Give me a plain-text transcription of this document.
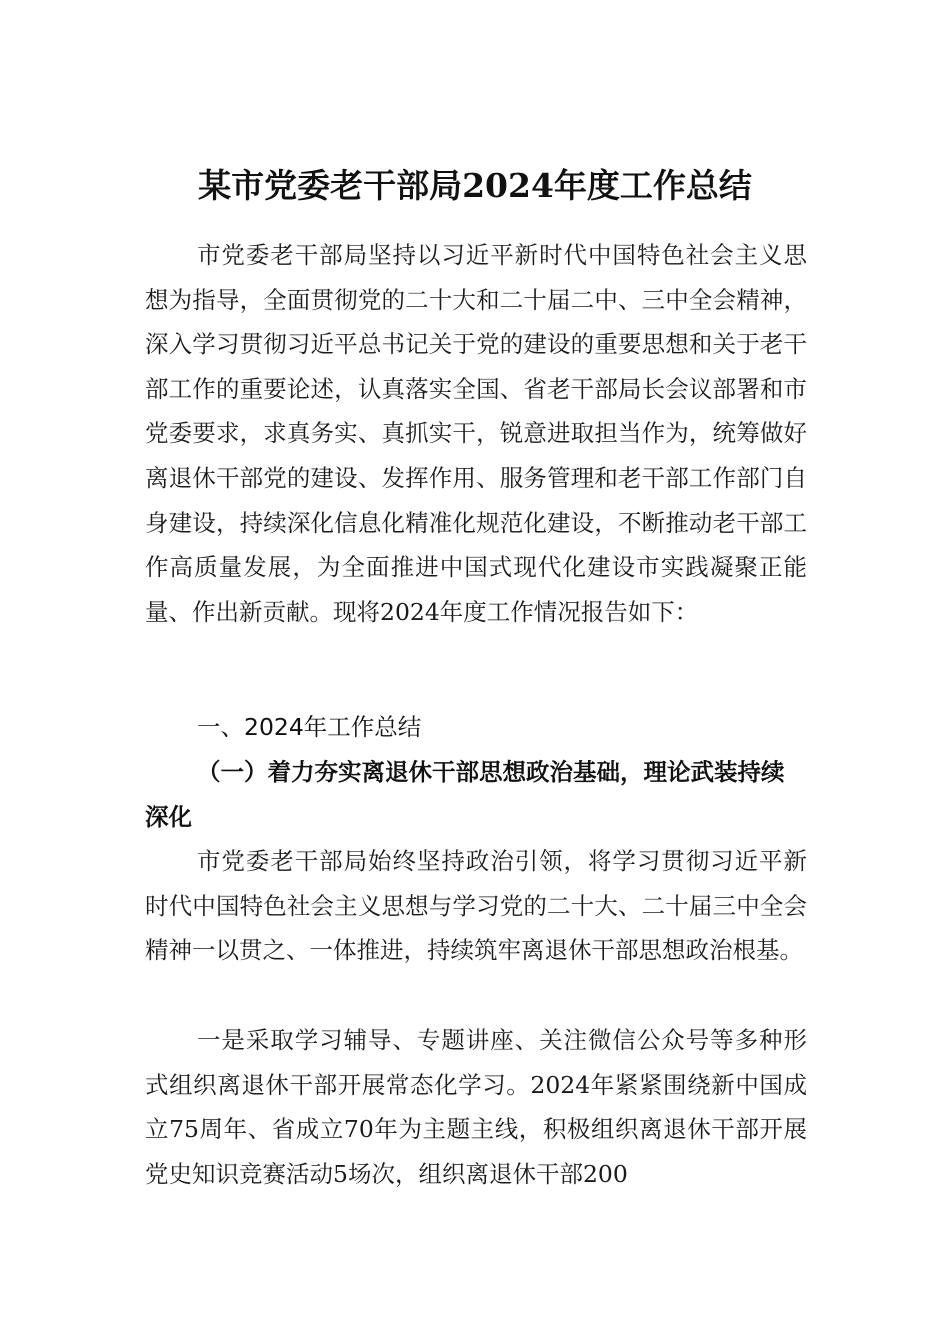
某市党委老干部局2024年度工作总结

市党委老干部局坚持以习近平新时代中国特色社会主义思想为指导，全面贯彻党的二十大和二十届二中、三中全会精神，深入学习贯彻习近平总书记关于党的建设的重要思想和关于老干部工作的重要论述，认真落实全国、省老干部局长会议部署和市党委要求，求真务实、真抓实干，锐意进取担当作为，统筹做好离退休干部党的建设、发挥作用、服务管理和老干部工作部门自身建设，持续深化信息化精准化规范化建设，不断推动老干部工作高质量发展，为全面推进中国式现代化建设市实践凝聚正能量、作出新贡献。现将2024年度工作情况报告如下：

一、2024年工作总结

（一）着力夯实离退休干部思想政治基础，理论武装持续深化

市党委老干部局始终坚持政治引领，将学习贯彻习近平新时代中国特色社会主义思想与学习党的二十大、二十届三中全会精神一以贯之、一体推进，持续筑牢离退休干部思想政治根基。

一是采取学习辅导、专题讲座、关注微信公众号等多种形式组织离退休干部开展常态化学习。2024年紧紧围绕新中国成立75周年、省成立70年为主题主线，积极组织离退休干部开展党史知识竞赛活动5场次，组织离退休干部200
